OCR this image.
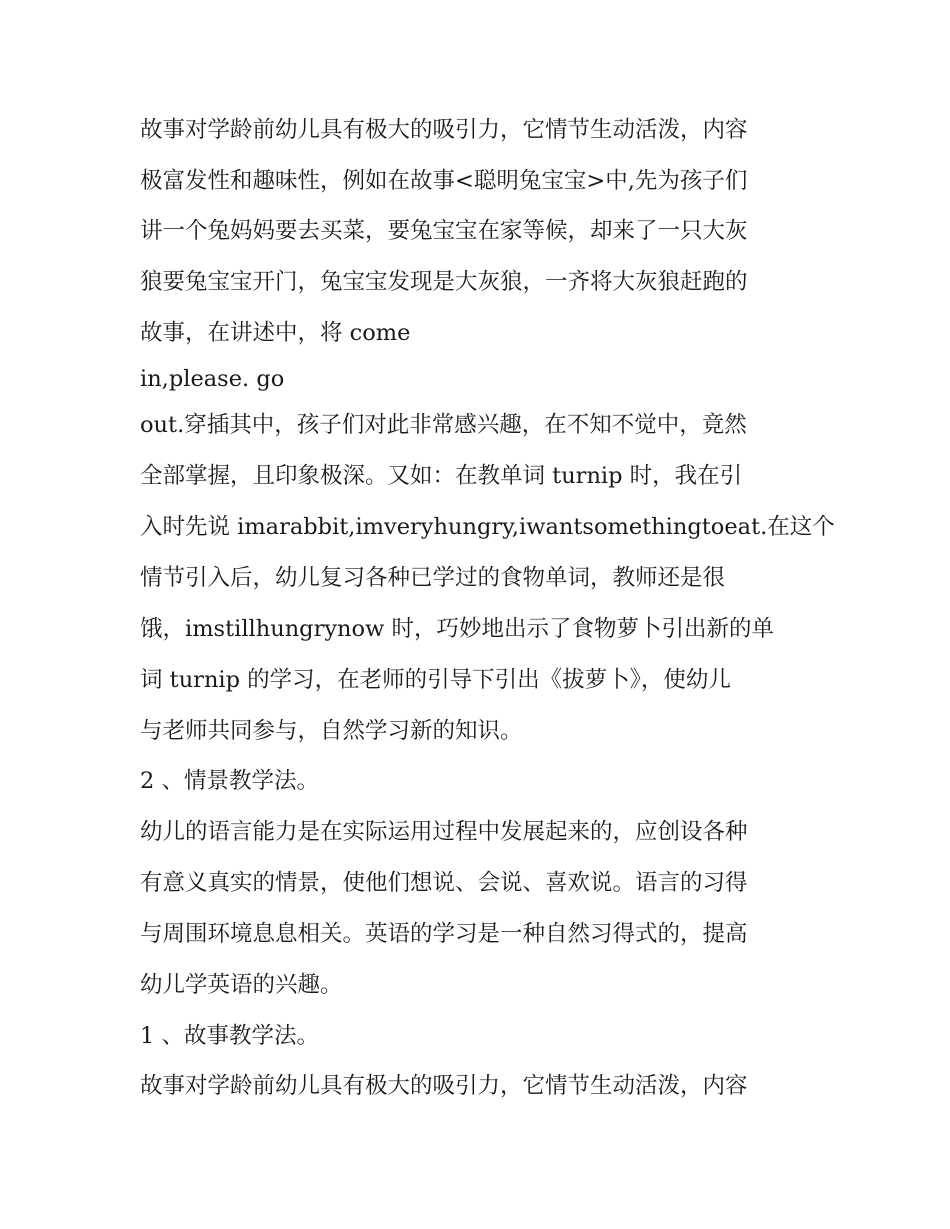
故事对学龄前幼儿具有极大的吸引力，它情节生动活泼，内容

极富发性和趣味性，例如在故事<聪明兔宝宝>中,先为孩子们

讲一个兔妈妈要去买菜，要兔宝宝在家等候，却来了一只大灰

狼要兔宝宝开门，兔宝宝发现是大灰狼，一齐将大灰狼赶跑的

故事，在讲述中，将 come

in,please. go

out.穿插其中，孩子们对此非常感兴趣，在不知不觉中，竟然

全部掌握，且印象极深。又如：在教单词 turnip 时，我在引

入时先说 imarabbit,imveryhungry,iwantsomethingtoeat.在这个

情节引入后，幼儿复习各种已学过的食物单词，教师还是很

饿，imstillhungrynow 时，巧妙地出示了食物萝卜引出新的单

词 turnip 的学习，在老师的引导下引出《拔萝卜》，使幼儿

与老师共同参与，自然学习新的知识。

2 、情景教学法。

幼儿的语言能力是在实际运用过程中发展起来的，应创设各种

有意义真实的情景，使他们想说、会说、喜欢说。语言的习得

与周围环境息息相关。英语的学习是一种自然习得式的，提高

幼儿学英语的兴趣。

1 、故事教学法。

故事对学龄前幼儿具有极大的吸引力，它情节生动活泼，内容
